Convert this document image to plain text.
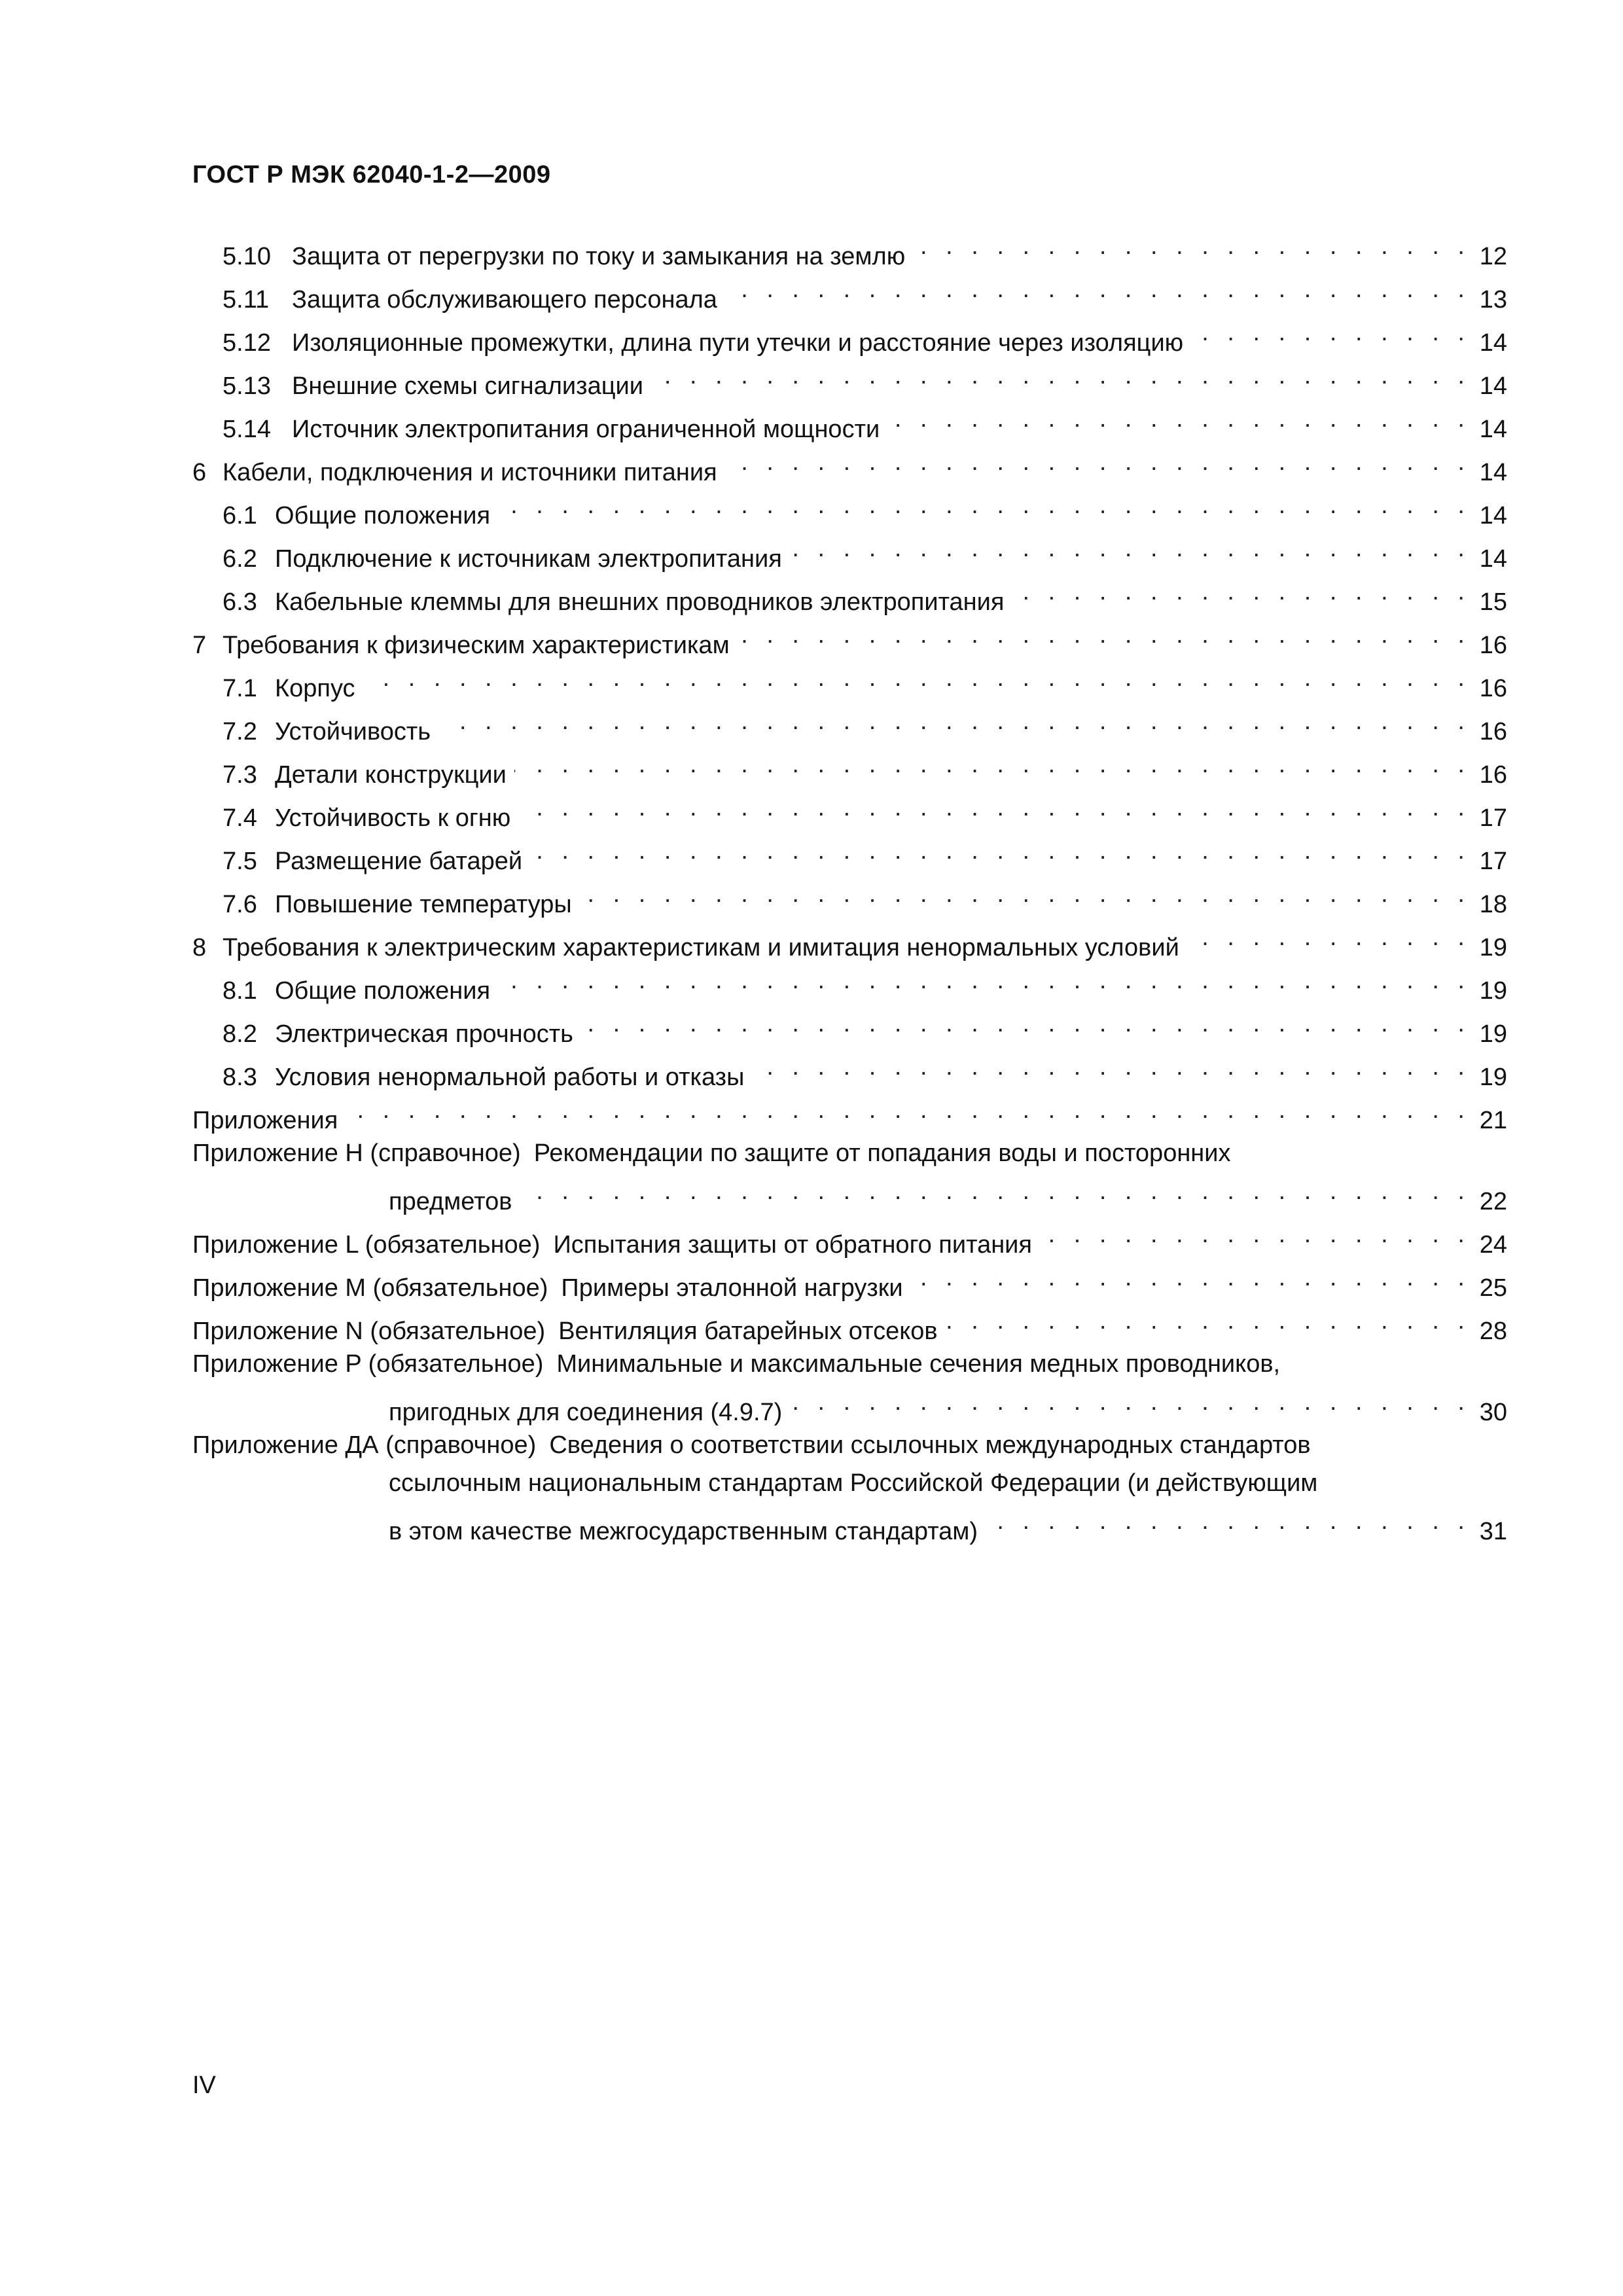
ГОСТ Р МЭК 62040-1-2—2009
5.10 Защита от перегрузки по току и замыкания на землю . . .	12
5.11 Защита обслуживающего персонала . . .	13
5.12 Изоляционные промежутки, длина пути утечки и расстояние через изоляцию . . .	14
5.13 Внешние схемы сигнализации . . .	14
5.14 Источник электропитания ограниченной мощности . . .	14
6 Кабели, подключения и источники питания . . .	14
6.1 Общие положения . . .	14
6.2 Подключение к источникам электропитания . . .	14
6.3 Кабельные клеммы для внешних проводников электропитания . . .	15
7 Требования к физическим характеристикам . . .	16
7.1 Корпус . . .	16
7.2 Устойчивость . . .	16
7.3 Детали конструкции . . .	16
7.4 Устойчивость к огню . . .	17
7.5 Размещение батарей . . .	17
7.6 Повышение температуры . . .	18
8 Требования к электрическим характеристикам и имитация ненормальных условий . . .	19
8.1 Общие положения . . .	19
8.2 Электрическая прочность . . .	19
8.3 Условия ненормальной работы и отказы . . .	19
Приложения . . .	21
Приложение H (справочное) Рекомендации по защите от попадания воды и посторонних
предметов . . .	22
Приложение L (обязательное) Испытания защиты от обратного питания . . .	24
Приложение M (обязательное) Примеры эталонной нагрузки . . .	25
Приложение N (обязательное) Вентиляция батарейных отсеков . . .	28
Приложение P (обязательное) Минимальные и максимальные сечения медных проводников,
пригодных для соединения (4.9.7) . . .	30
Приложение ДА (справочное) Сведения о соответствии ссылочных международных стандартов
ссылочным национальным стандартам Российской Федерации (и действующим
в этом качестве межгосударственным стандартам) . . .	31
IV
